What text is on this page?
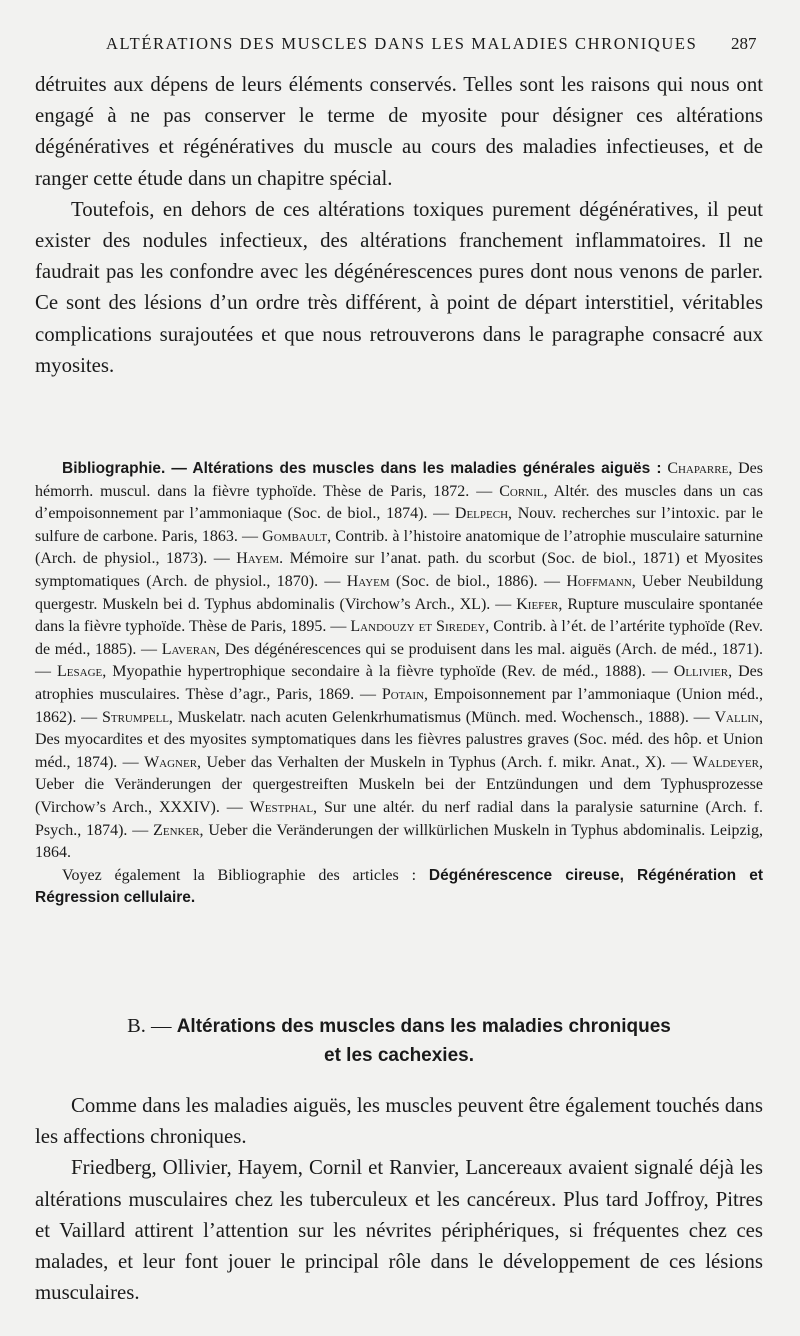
ALTÉRATIONS DES MUSCLES DANS LES MALADIES CHRONIQUES 287

détruites aux dépens de leurs éléments conservés. Telles sont les raisons qui nous ont engagé à ne pas conserver le terme de myosite pour désigner ces altérations dégénératives et régénératives du muscle au cours des maladies infectieuses, et de ranger cette étude dans un chapitre spécial.

Toutefois, en dehors de ces altérations toxiques purement dégénératives, il peut exister des nodules infectieux, des altérations franchement inflammatoires. Il ne faudrait pas les confondre avec les dégénérescences pures dont nous venons de parler. Ce sont des lésions d’un ordre très différent, à point de départ interstitiel, véritables complications surajoutées et que nous retrouverons dans le paragraphe consacré aux myosites.

Bibliographie. — Altérations des muscles dans les maladies générales aiguës : Chaparre, Des hémorrh. muscul. dans la fièvre typhoïde. Thèse de Paris, 1872. — Cornil, Altér. des muscles dans un cas d’empoisonnement par l’ammoniaque (Soc. de biol., 1874). — Delpech, Nouv. recherches sur l’intoxic. par le sulfure de carbone. Paris, 1863. — Gombault, Contrib. à l’histoire anatomique de l’atrophie musculaire saturnine (Arch. de physiol., 1873). — Hayem. Mémoire sur l’anat. path. du scorbut (Soc. de biol., 1871) et Myosites symptomatiques (Arch. de physiol., 1870). — Hayem (Soc. de biol., 1886). — Hoffmann, Ueber Neubildung quergestr. Muskeln bei d. Typhus abdominalis (Virchow’s Arch., XL). — Kiefer, Rupture musculaire spontanée dans la fièvre typhoïde. Thèse de Paris, 1895. — Landouzy et Siredey, Contrib. à l’ét. de l’artérite typhoïde (Rev. de méd., 1885). — Laveran, Des dégénérescences qui se produisent dans les mal. aiguës (Arch. de méd., 1871). — Lesage, Myopathie hypertrophique secondaire à la fièvre typhoïde (Rev. de méd., 1888). — Ollivier, Des atrophies musculaires. Thèse d’agr., Paris, 1869. — Potain, Empoisonnement par l’ammoniaque (Union méd., 1862). — Strumpell, Muskelatr. nach acuten Gelenkrhumatismus (Münch. med. Wochensch., 1888). — Vallin, Des myocardites et des myosites symptomatiques dans les fièvres palustres graves (Soc. méd. des hôp. et Union méd., 1874). — Wagner, Ueber das Verhalten der Muskeln in Typhus (Arch. f. mikr. Anat., X). — Waldeyer, Ueber die Veränderungen der quergestreiften Muskeln bei der Entzündungen und dem Typhusprozesse (Virchow’s Arch., XXXIV). — Westphal, Sur une altér. du nerf radial dans la paralysie saturnine (Arch. f. Psych., 1874). — Zenker, Ueber die Veränderungen der willkürlichen Muskeln in Typhus abdominalis. Leipzig, 1864.

Voyez également la Bibliographie des articles : Dégénérescence cireuse, Régénération et Régression cellulaire.

B. — Altérations des muscles dans les maladies chroniques
et les cachexies.

Comme dans les maladies aiguës, les muscles peuvent être également touchés dans les affections chroniques.

Friedberg, Ollivier, Hayem, Cornil et Ranvier, Lancereaux avaient signalé déjà les altérations musculaires chez les tuberculeux et les cancéreux. Plus tard Joffroy, Pitres et Vaillard attirent l’attention sur les névrites périphériques, si fréquentes chez ces malades, et leur font jouer le principal rôle dans le développement de ces lésions musculaires.
